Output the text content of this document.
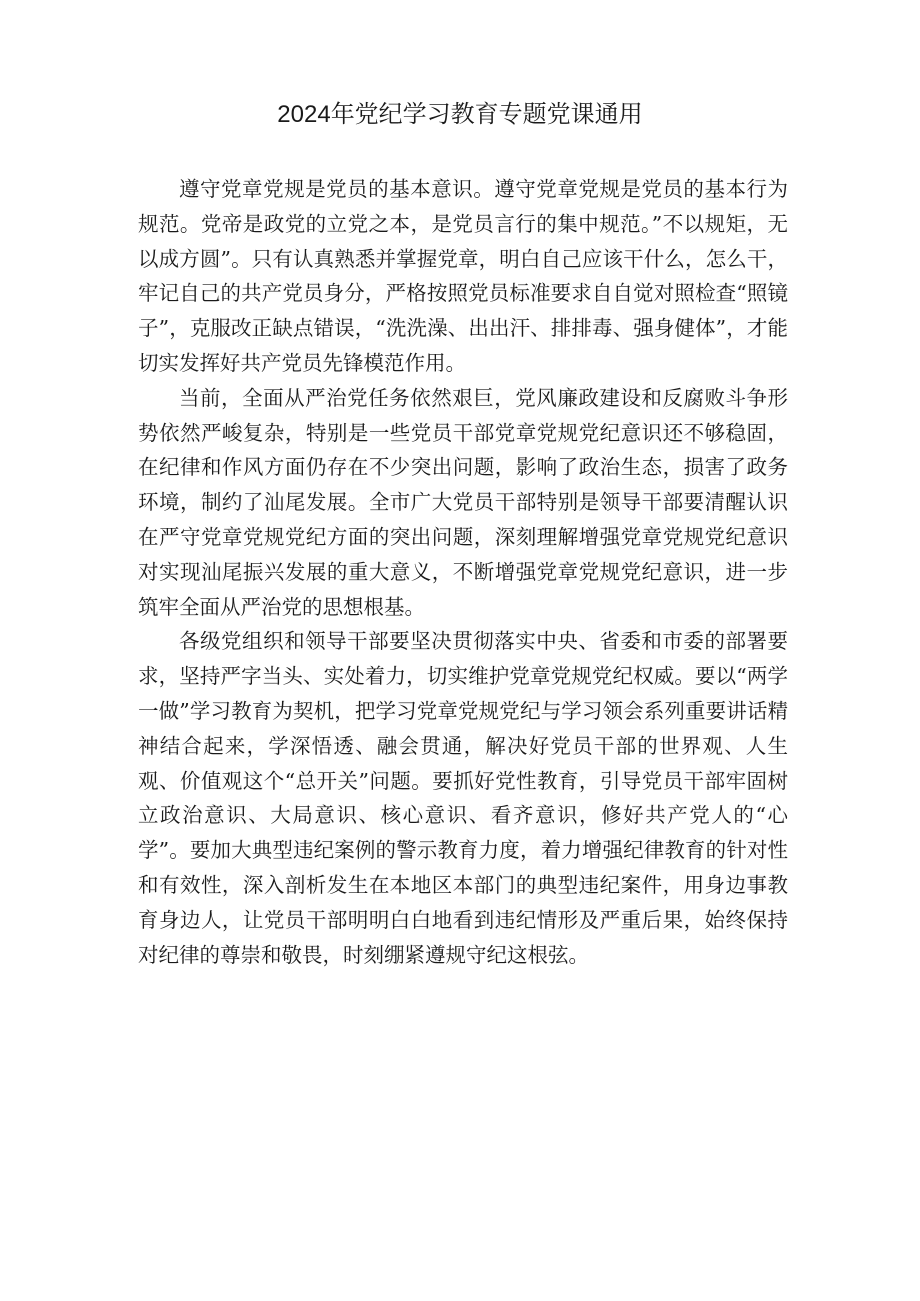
2024年党纪学习教育专题党课通用

遵守党章党规是党员的基本意识。遵守党章党规是党员的基本行为规范。党帝是政党的立党之本，是党员言行的集中规范。”不以规矩，无以成方圆”。只有认真熟悉并掌握党章，明白自己应该干什么，怎么干，牢记自己的共产党员身分，严格按照党员标准要求自自觉对照检查“照镜子”，克服改正缺点错误，“洗洗澡、出出汗、排排毒、强身健体”，才能切实发挥好共产党员先锋模范作用。

当前，全面从严治党任务依然艰巨，党风廉政建设和反腐败斗争形势依然严峻复杂，特别是一些党员干部党章党规党纪意识还不够稳固，在纪律和作风方面仍存在不少突出问题，影响了政治生态，损害了政务环境，制约了汕尾发展。全市广大党员干部特别是领导干部要清醒认识在严守党章党规党纪方面的突出问题，深刻理解增强党章党规党纪意识对实现汕尾振兴发展的重大意义，不断增强党章党规党纪意识，进一步筑牢全面从严治党的思想根基。

各级党组织和领导干部要坚决贯彻落实中央、省委和市委的部署要求，坚持严字当头、实处着力，切实维护党章党规党纪权威。要以“两学一做”学习教育为契机，把学习党章党规党纪与学习领会系列重要讲话精神结合起来，学深悟透、融会贯通，解决好党员干部的世界观、人生观、价值观这个“总开关”问题。要抓好党性教育，引导党员干部牢固树立政治意识、大局意识、核心意识、看齐意识，修好共产党人的“心学”。要加大典型违纪案例的警示教育力度，着力增强纪律教育的针对性和有效性，深入剖析发生在本地区本部门的典型违纪案件，用身边事教育身边人，让党员干部明明白白地看到违纪情形及严重后果，始终保持对纪律的尊崇和敬畏，时刻绷紧遵规守纪这根弦。
